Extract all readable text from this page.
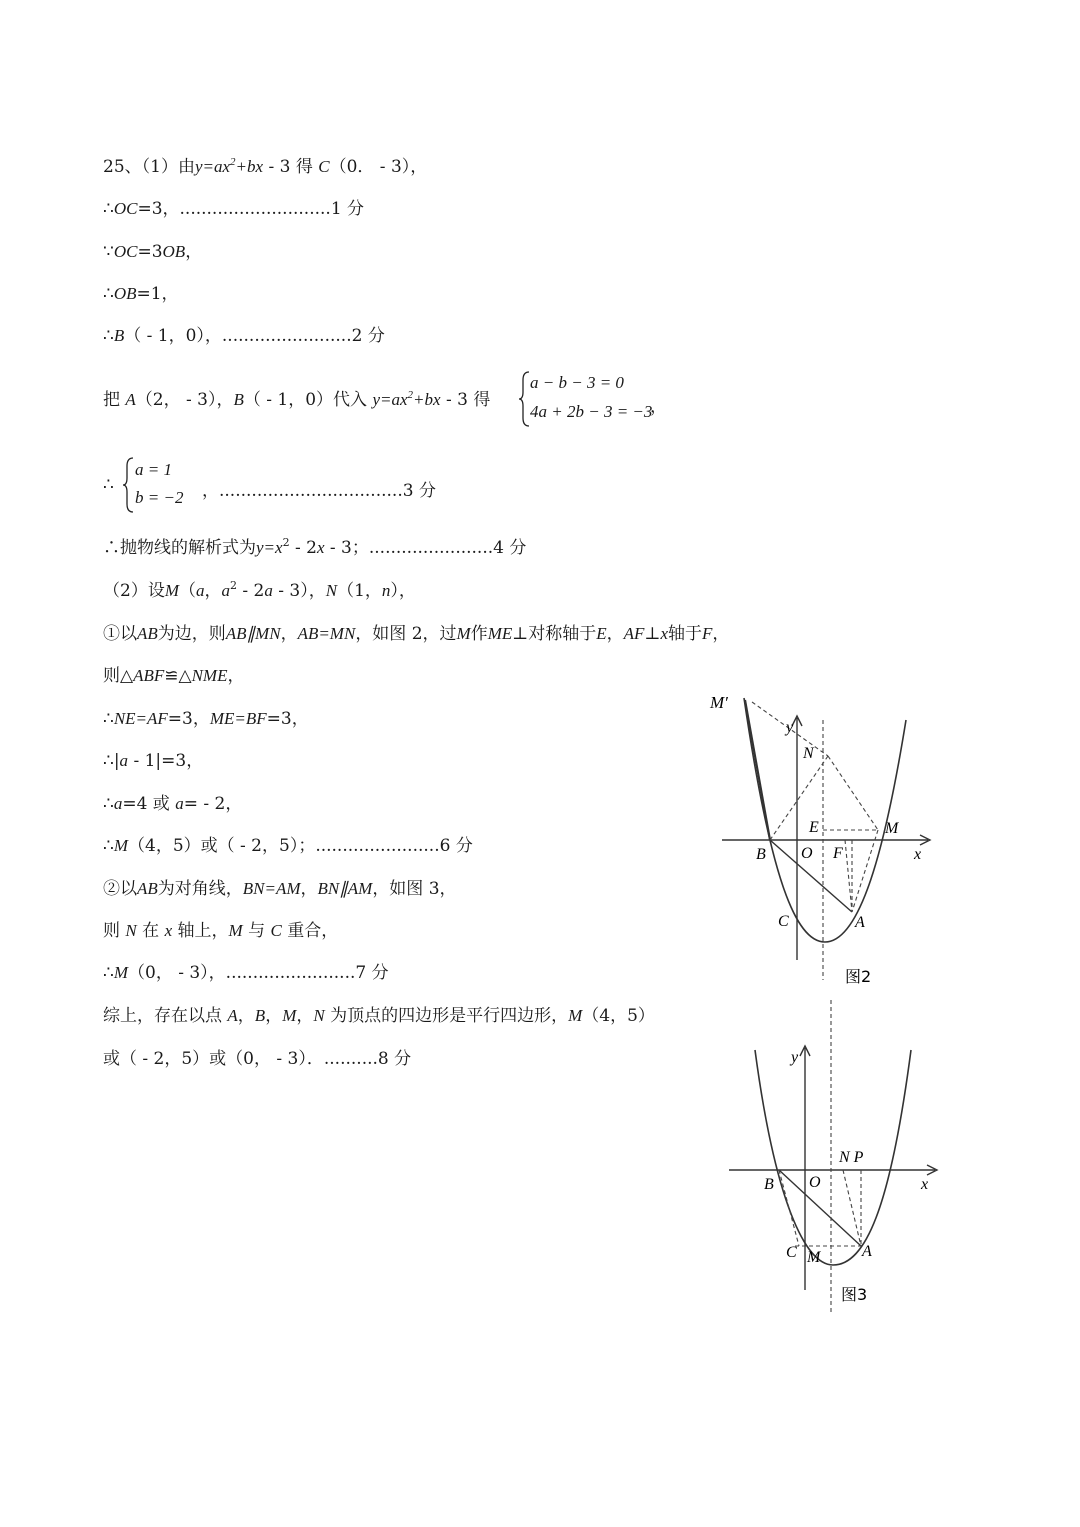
25、（1）由$y=ax^2+bx - 3$ 得 C（0． - 3），
∴OC=3，............................1 分
∵OC=3OB，
∴OB=1，
∴B（ - 1，0），........................2 分
把 A（2， - 3），B（ - 1，0）代入 $y=ax^2+bx - 3$ 得
a − b − 3 = 0
4a + 2b − 3 = −3
，
∴
a = 1
b = −2 ，..................................3 分
∴抛物线的解析式为$y=x^2 - 2x - 3$；.......................4 分
（2）设M（a，$a^2 - 2a - 3$），N（1，n），
①以AB为边，则AB∥MN，AB=MN，如图 2，过M作ME⊥对称轴于E，AF⊥x轴于F，
则△ABF≌△NME，
∴NE=AF=3，ME=BF=3，
∴|a - 1|=3，
∴a=4 或 a= - 2，
∴M（4，5）或（ - 2，5）；.......................6 分
②以AB为对角线，BN=AM，BN∥AM，如图 3，
则 N 在 x 轴上，M 与 C 重合，
∴M（0， - 3），........................7 分
综上，存在以点 A，B，M，N 为顶点的四边形是平行四边形，M（4，5）
或（ - 2，5）或（0， - 3）．..........8 分
M′
y
N
E	M
B O F	x
C	A
图2
y
N P
B O	x
C M	A
图3
